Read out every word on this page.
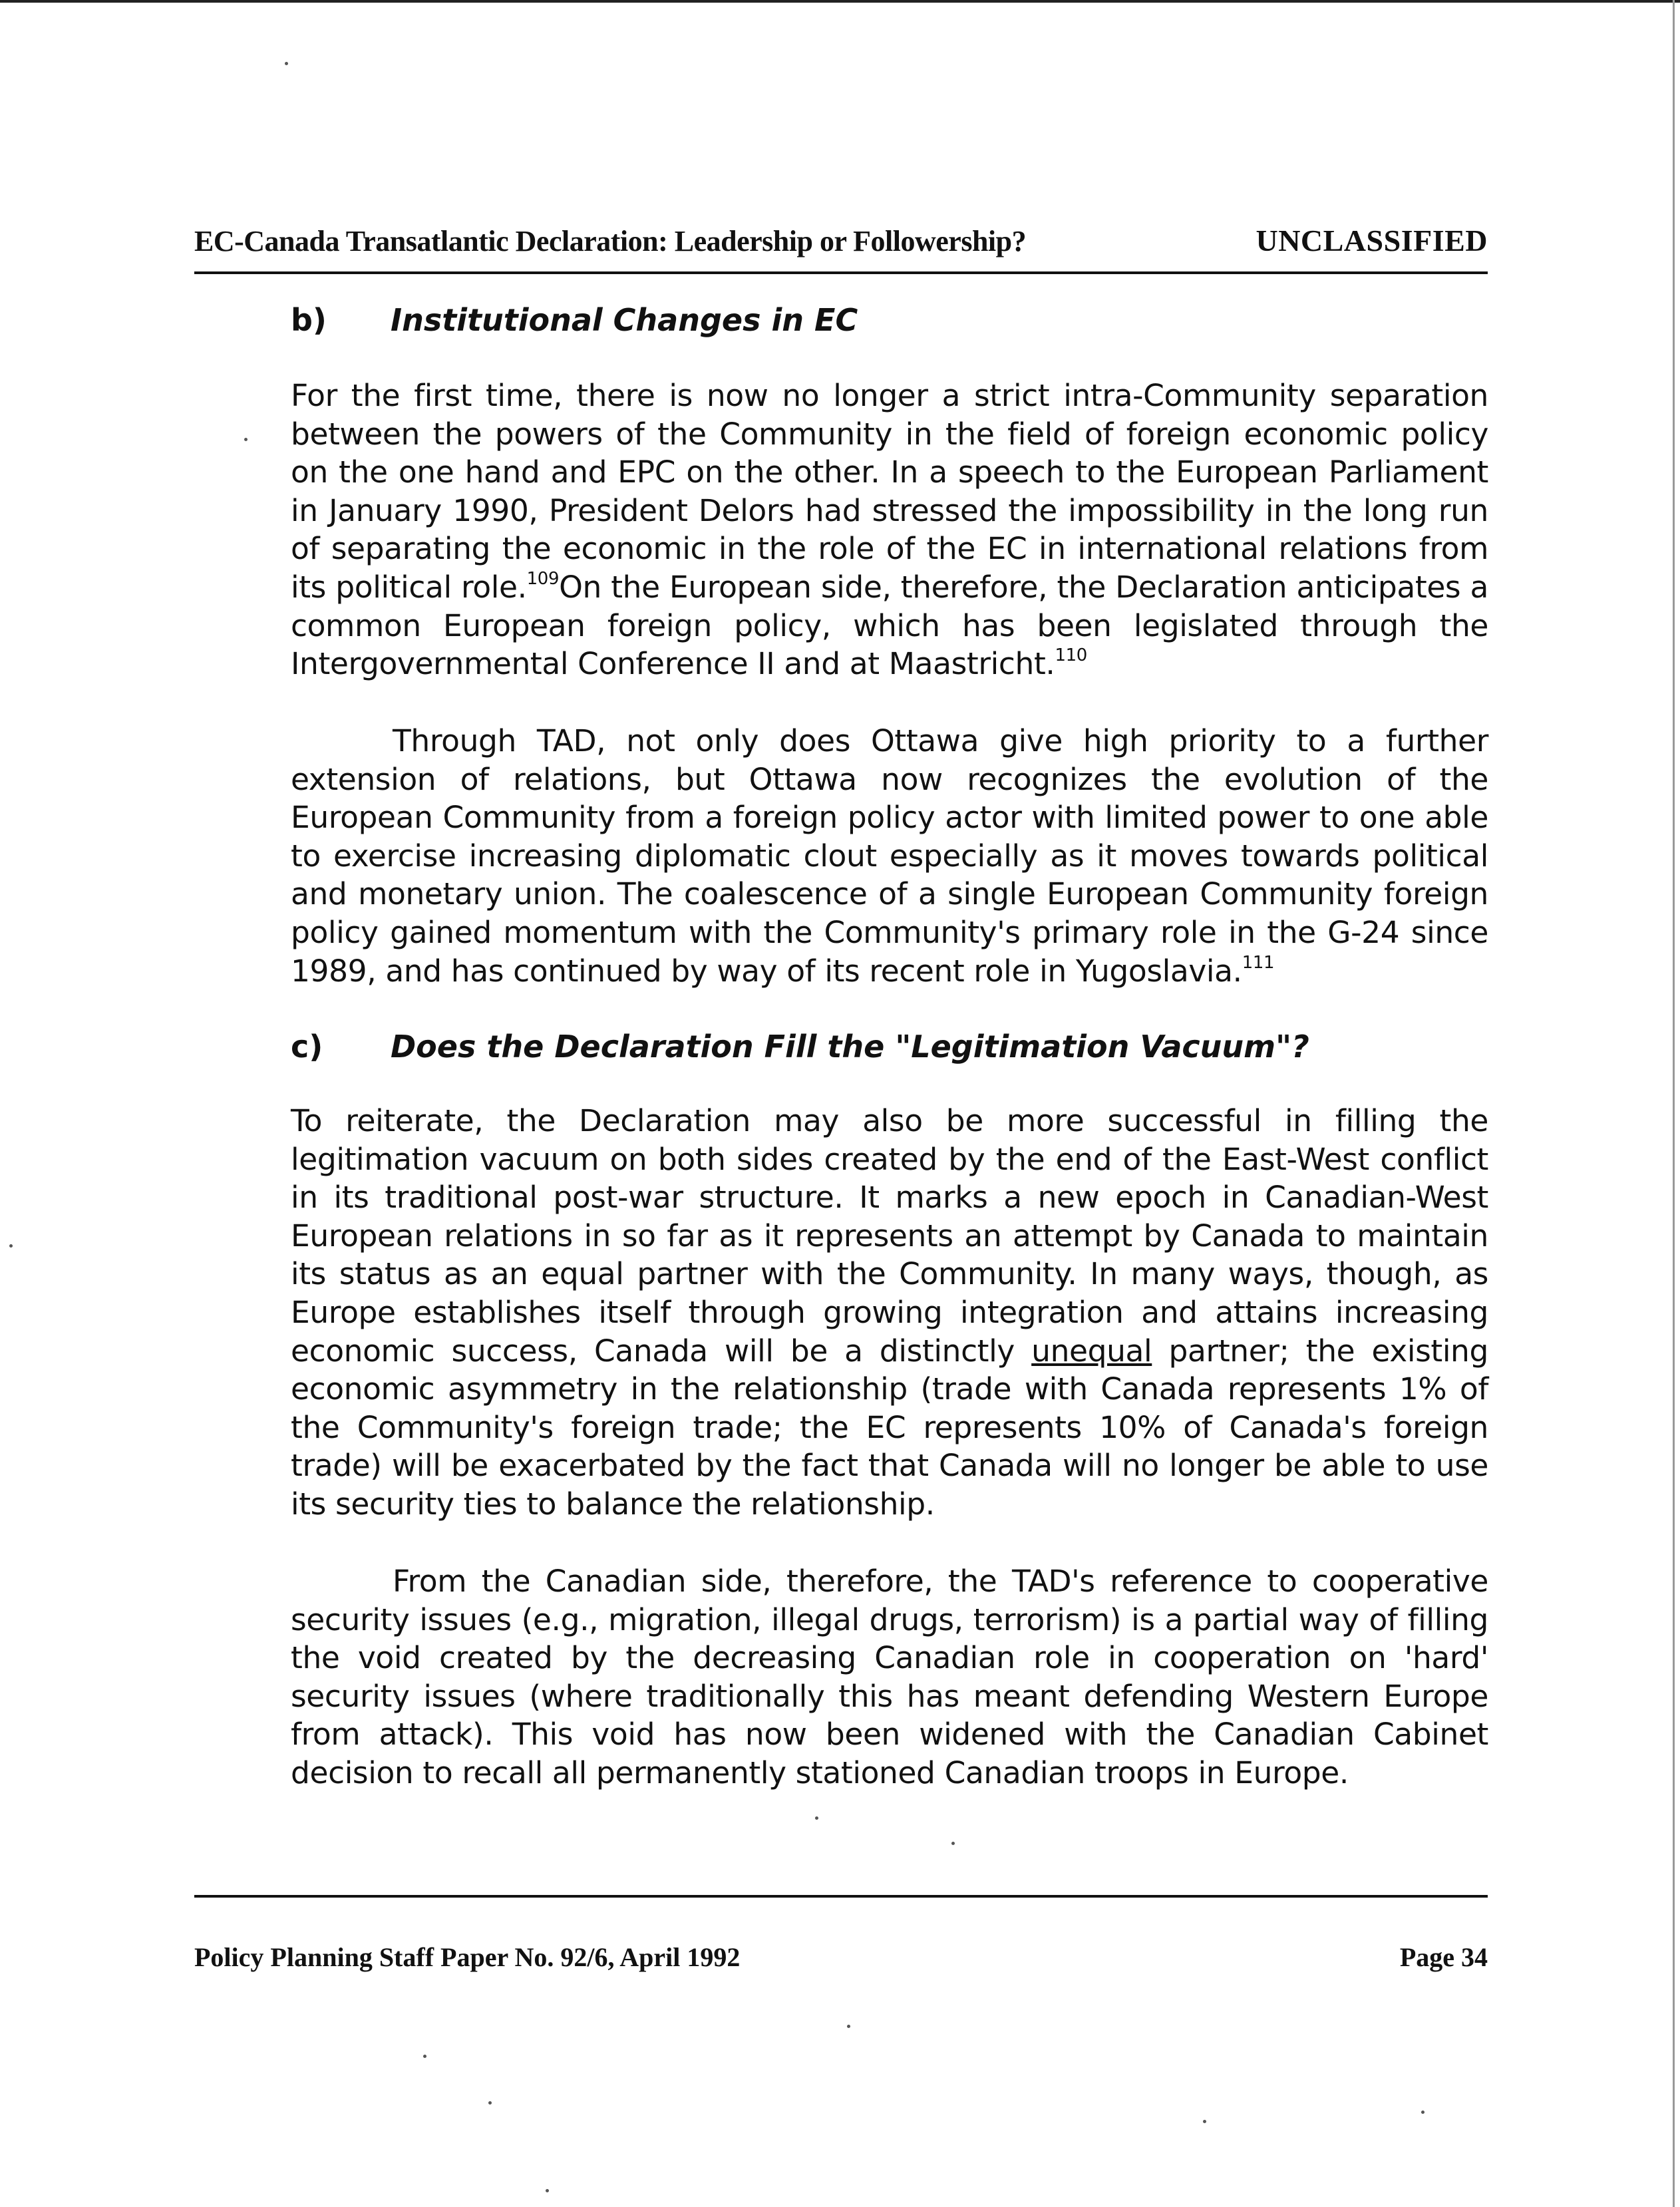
EC-Canada Transatlantic Declaration: Leadership or Followership?	UNCLASSIFIED
b)	Institutional Changes in EC

For the first time, there is now no longer a strict intra-Community separation between the powers of the Community in the field of foreign economic policy on the one hand and EPC on the other. In a speech to the European Parliament in January 1990, President Delors had stressed the impossibility in the long run of separating the economic in the role of the EC in international relations from its political role.$^{109}$On the European side, therefore, the Declaration anticipates a common European foreign policy, which has been legislated through the Intergovernmental Conference II and at Maastricht.$^{110}$

Through TAD, not only does Ottawa give high priority to a further extension of relations, but Ottawa now recognizes the evolution of the European Community from a foreign policy actor with limited power to one able to exercise increasing diplomatic clout especially as it moves towards political and monetary union. The coalescence of a single European Community foreign policy gained momentum with the Community's primary role in the G-24 since 1989, and has continued by way of its recent role in Yugoslavia.$^{111}$

c)	Does the Declaration Fill the "Legitimation Vacuum"?

To reiterate, the Declaration may also be more successful in filling the legitimation vacuum on both sides created by the end of the East-West conflict in its traditional post-war structure. It marks a new epoch in Canadian-West European relations in so far as it represents an attempt by Canada to maintain its status as an equal partner with the Community. In many ways, though, as Europe establishes itself through growing integration and attains increasing economic success, Canada will be a distinctly unequal partner; the existing economic asymmetry in the relationship (trade with Canada represents 1% of the Community's foreign trade; the EC represents 10% of Canada's foreign trade) will be exacerbated by the fact that Canada will no longer be able to use its security ties to balance the relationship.

From the Canadian side, therefore, the TAD's reference to cooperative security issues (e.g., migration, illegal drugs, terrorism) is a partial way of filling the void created by the decreasing Canadian role in cooperation on 'hard' security issues (where traditionally this has meant defending Western Europe from attack). This void has now been widened with the Canadian Cabinet decision to recall all permanently stationed Canadian troops in Europe.

Policy Planning Staff Paper No. 92/6, April 1992	Page 34
